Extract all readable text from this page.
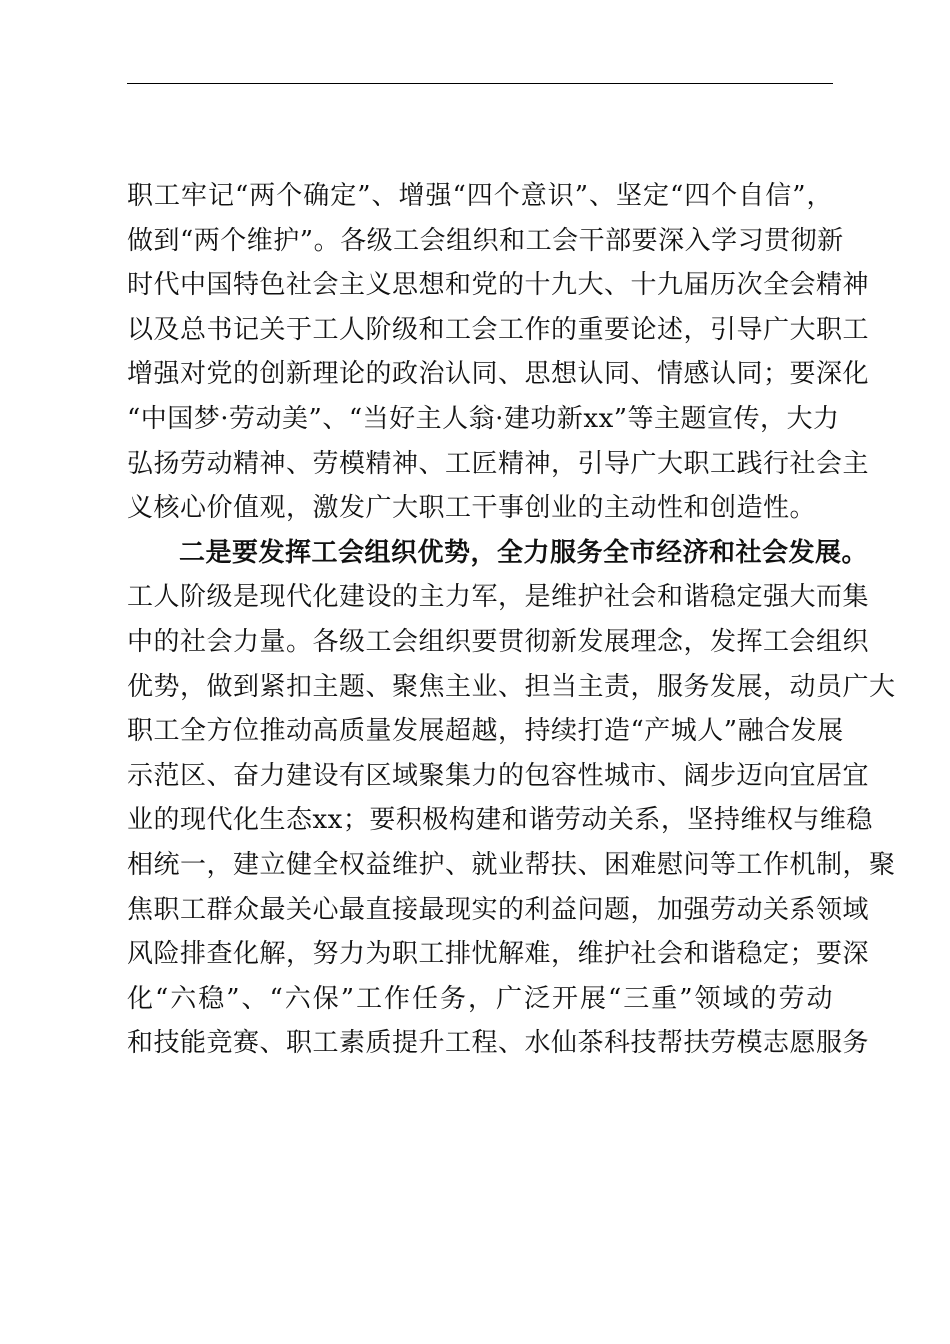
职工牢记“两个确定”、增强“四个意识”、坚定“四个自信”，
做到“两个维护”。各级工会组织和工会干部要深入学习贯彻新
时代中国特色社会主义思想和党的十九大、十九届历次全会精神
以及总书记关于工人阶级和工会工作的重要论述，引导广大职工
增强对党的创新理论的政治认同、思想认同、情感认同；要深化
“中国梦·劳动美”、“当好主人翁·建功新xx”等主题宣传，大力
弘扬劳动精神、劳模精神、工匠精神，引导广大职工践行社会主
义核心价值观，激发广大职工干事创业的主动性和创造性。
二是要发挥工会组织优势，全力服务全市经济和社会发展。
工人阶级是现代化建设的主力军，是维护社会和谐稳定强大而集
中的社会力量。各级工会组织要贯彻新发展理念，发挥工会组织
优势，做到紧扣主题、聚焦主业、担当主责，服务发展，动员广大
职工全方位推动高质量发展超越，持续打造“产城人”融合发展
示范区、奋力建设有区域聚集力的包容性城市、阔步迈向宜居宜
业的现代化生态xx；要积极构建和谐劳动关系，坚持维权与维稳
相统一，建立健全权益维护、就业帮扶、困难慰问等工作机制，聚
焦职工群众最关心最直接最现实的利益问题，加强劳动关系领域
风险排查化解，努力为职工排忧解难，维护社会和谐稳定；要深
化“六稳”、“六保”工作任务，广泛开展“三重”领域的劳动
和技能竞赛、职工素质提升工程、水仙茶科技帮扶劳模志愿服务
